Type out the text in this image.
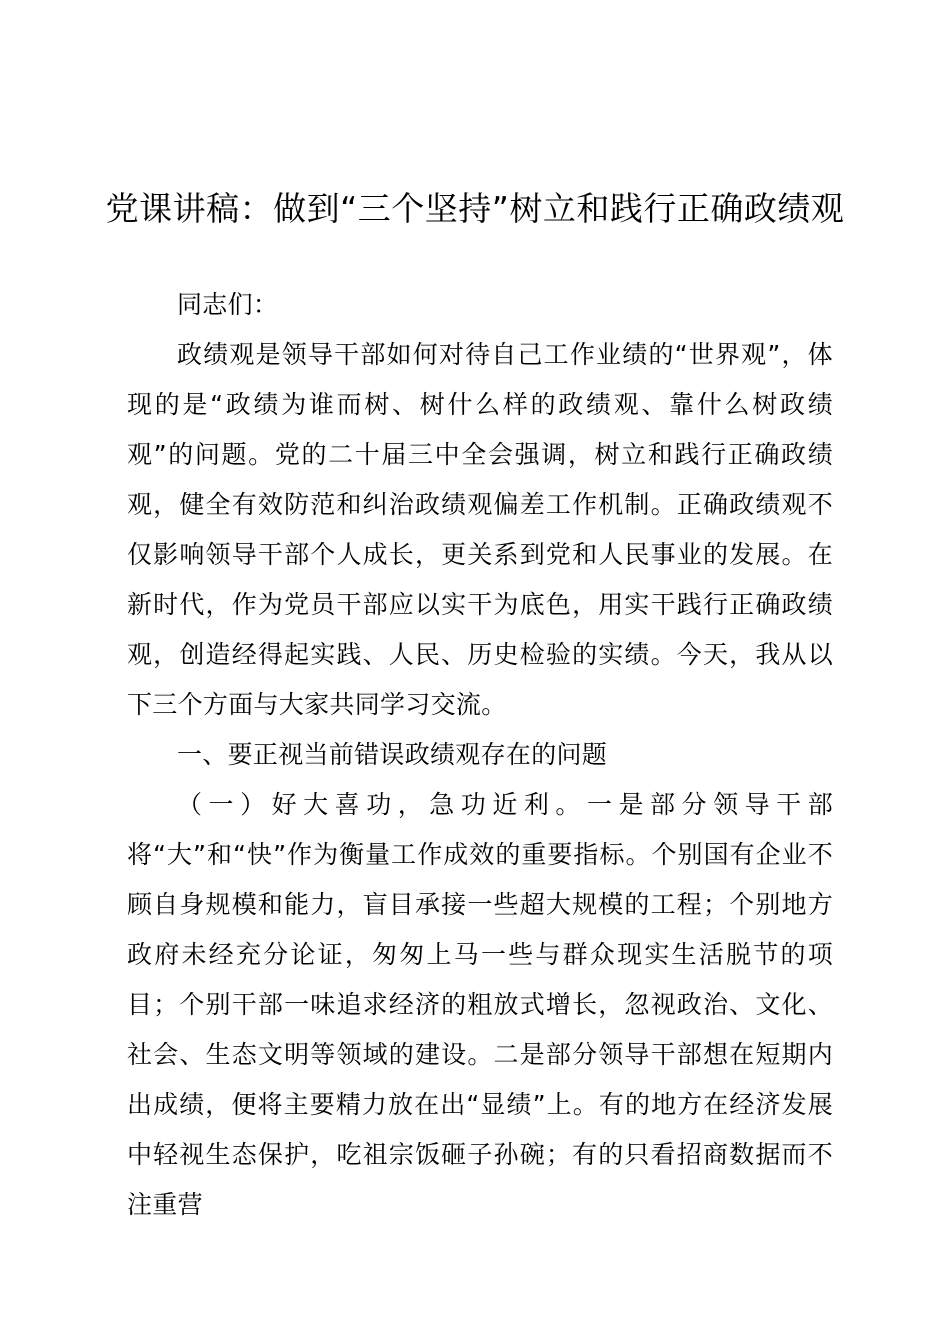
党课讲稿：做到“三个坚持”树立和践行正确政绩观

同志们：

政绩观是领导干部如何对待自己工作业绩的“世界观”，体现的是“政绩为谁而树、树什么样的政绩观、靠什么树政绩观”的问题。党的二十届三中全会强调，树立和践行正确政绩观，健全有效防范和纠治政绩观偏差工作机制。正确政绩观不仅影响领导干部个人成长，更关系到党和人民事业的发展。在新时代，作为党员干部应以实干为底色，用实干践行正确政绩观，创造经得起实践、人民、历史检验的实绩。今天，我从以下三个方面与大家共同学习交流。

一、要正视当前错误政绩观存在的问题

（一）好大喜功，急功近利。一是部分领导干部将“大”和“快”作为衡量工作成效的重要指标。个别国有企业不顾自身规模和能力，盲目承接一些超大规模的工程；个别地方政府未经充分论证，匆匆上马一些与群众现实生活脱节的项目；个别干部一味追求经济的粗放式增长，忽视政治、文化、社会、生态文明等领域的建设。二是部分领导干部想在短期内出成绩，便将主要精力放在出“显绩”上。有的地方在经济发展中轻视生态保护，吃祖宗饭砸子孙碗；有的只看招商数据而不注重营
